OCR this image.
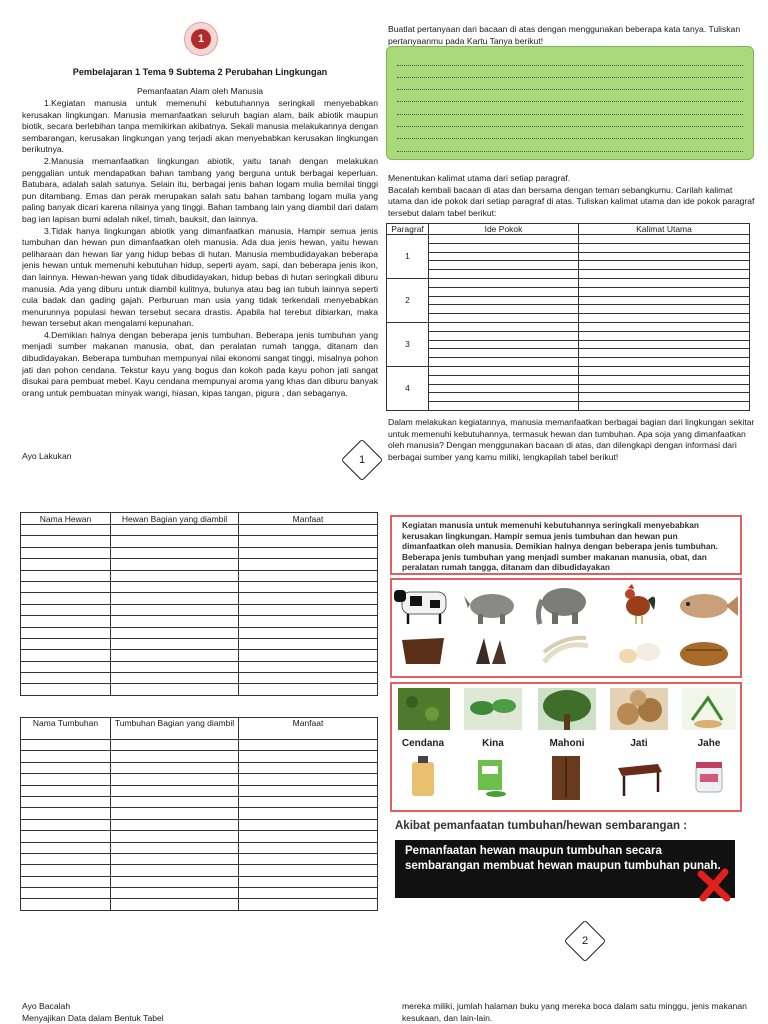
1
Pembelajaran 1 Tema 9 Subtema 2 Perubahan Lingkungan
Pemanfaatan Alam oleh Manusia

1.Kegiatan manusia untuk memenuhi kebutuhannya seringkali menyebabkan kerusakan lingkungan. Manusia memanfaatkan seluruh bagian alam, baik abiotik maupun biotik, secara berlebihan tanpa memikirkan akibatnya. Sekali manusia melakukannya dengan sembarangan, kerusakan lingkungan yang terjadi akan menyebabkan kerusakan lingkungan berikutnya.

2.Manusia memanfaatkan lingkungan abiotik, yaitu tanah dengan melakukan penggalian untuk mendapatkan bahan tambang yang berguna untuk berbagai keperluan. Batubara, adalah salah satunya. Selain itu, berbagai jenis bahan logam mulia bernilai tinggi pun ditambang. Emas dan perak merupakan salah satu bahan tambang logam mulia yang paling banyak dicari karena nilainya yang tinggi. Bahan tambang lain yang diambil dari dalam bag ian lapisan bumi adalah nikel, timah, bauksit, dan lainnya.

3.Tidak hanya lingkungan abiotik yang dimanfaatkan manusia, Hampir semua jenis tumbuhan dan hewan pun dimanfaatkan oleh manusia. Ada dua jenis hewan, yaitu hewan peliharaan dan hewan liar yang hidup bebas di hutan. Manusia membudidayakan beberapa jenis hewan untuk memenuhi kebutuhan hidup, seperti ayam, sapi, dan beberapa jenis ikon, dan lainnya. Hewan-hewan yang tidak dibudidayakan, hidup bebas di hutan seringkali diburu manusia. Ada yang diburu untuk diambil kulitnya, bulunya atau bag ian tubuh lainnya seperti cula badak dan gading gajah. Perburuan man usia yang tidak terkendali menyebabkan menurunnya populasi hewan tersebut secara drastis. Apabila hal terebut dibiarkan, maka hewan tersebut akan mengalami kepunahan.

4.Demikian halnya dengan beberapa jenis tumbuhan. Beberapa jenis tumbuhan yang menjadi sumber makanan manusia, obat, dan peralatan rumah tangga, ditanam dan dibudidayakan. Beberapa tumbuhan mempunyai nilai ekonomi sangat tinggi, misalnya pohon jati dan pohon cendana. Tekstur kayu yang bogus dan kokoh pada kayu pohon jati sangat disukai para pembuat mebel. Kayu cendana mempunyai aroma yang khas dan diburu banyak orang untuk pembuatan minyak wangi, hiasan, kipas tangan, pigura , dan sebaganya.

Ayo Lakukan	1
Buatlat pertanyaan dari bacaan di atas dengan menggunakan beberapa kata tanya. Tuliskan pertanyaanmu pada Kartu Tanya berikut!
Menentukan kalimat utama dari setiap paragraf.
Bacalah kembali bacaan di atas dan bersama dengan teman sebangkumu. Carilah kalimat utama dan ide pokok dari setiap paragraf di atas. Tuliskan kalimat utama dan ide pokok paragraf tersebut dalam tabel berikut:
Paragraf	Ide Pokok	Kalimat Utama
1		

2		

3		

4		

Dalam melakukan kegiatannya, manusia memanfaatkan berbagai bagian dari lingkungan sekitar untuk memenuhi kebutuhannya, termasuk hewan dan tumbuhan. Apa soja yang dimanfaatkan oleh manusia? Dengan menggunakan bacaan di atas, dan dilengkapi dengan informasi dari berbagai sumber yang kamu miliki, lengkapilah tabel berikut!
Nama Hewan	Hewan Bagian yang diambil	Manfaat

Nama Tumbuhan	Tumbuhan Bagian yang diambil	Manfaat

Kegiatan manusia untuk memenuhi kebutuhannya seringkali menyebabkan kerusakan lingkungan. Hampir semua jenis tumbuhan dan hewan pun dimanfaatkan oleh manusia. Demikian halnya dengan beberapa jenis tumbuhan. Beberapa jenis tumbuhan yang menjadi sumber makanan manusia, obat, dan peralatan rumah tangga, ditanam dan dibudidayakan
Cendana	Kina	Mahoni	Jati	Jahe
Akibat pemanfaatan tumbuhan/hewan sembarangan :
Pemanfaatan hewan maupun tumbuhan secara sembarangan membuat hewan maupun tumbuhan punah.
2
Ayo Bacalah
Menyajikan Data dalam Bentuk Tabel
mereka miliki, jumlah halaman buku yang mereka boca dalam satu minggu, jenis makanan kesukaan, dan lain-lain.
